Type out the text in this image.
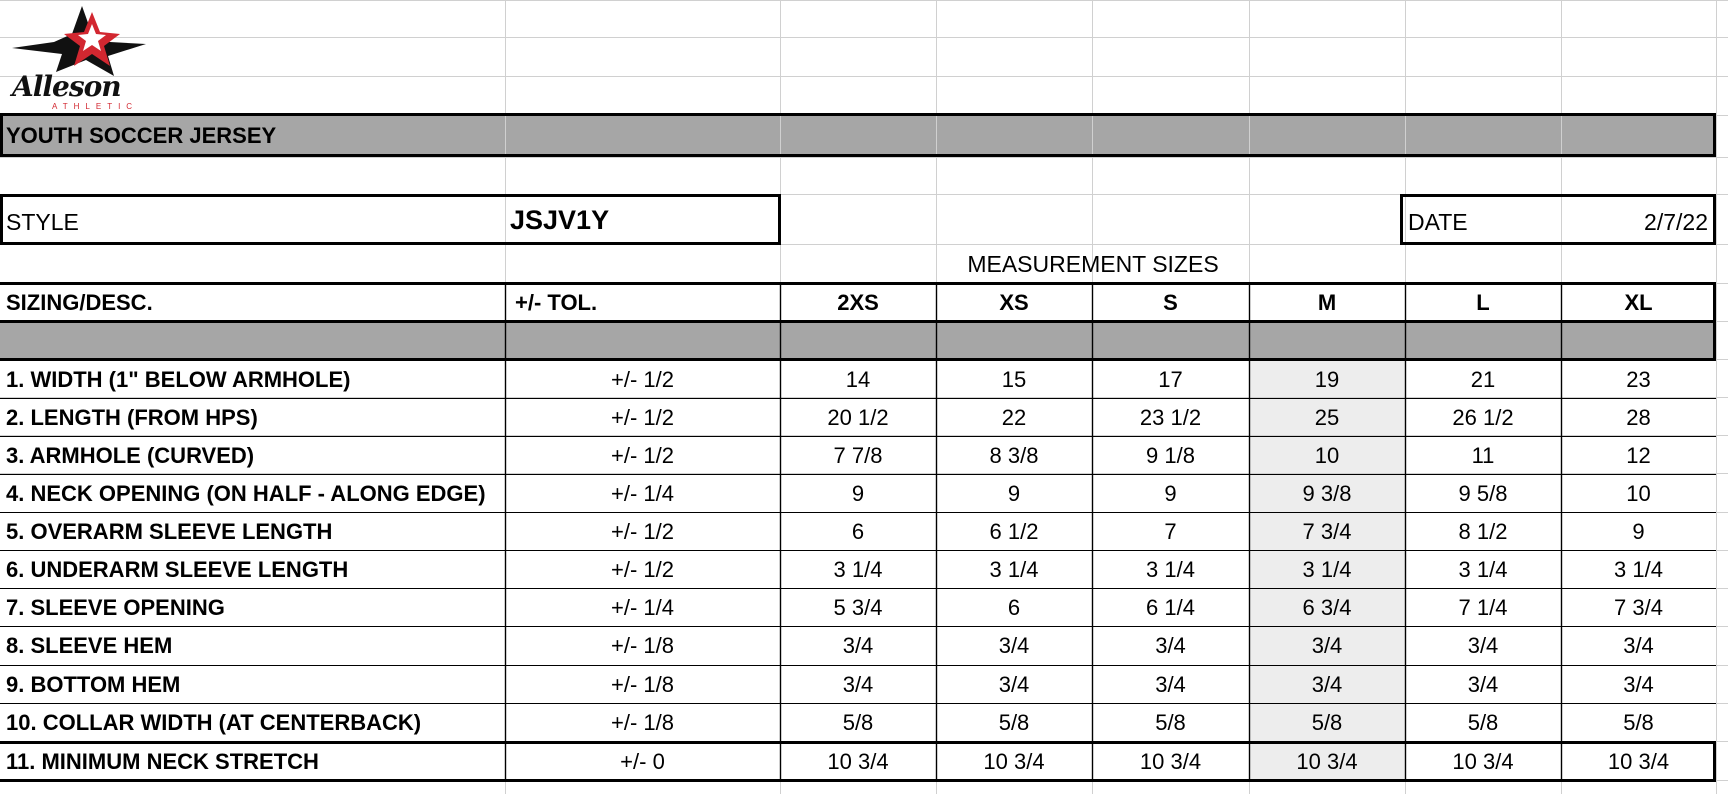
Alleson
ATHLETIC
YOUTH SOCCER JERSEY
STYLE	JSJV1Y	DATE	2/7/22
MEASUREMENT SIZES
SIZING/DESC.	+/- TOL.	2XS	XS	S	M	L	XL
1. WIDTH (1" BELOW ARMHOLE)	+/- 1/2	14	15	17	19	21	23
2. LENGTH (FROM HPS)	+/- 1/2	20 1/2	22	23 1/2	25	26 1/2	28
3. ARMHOLE (CURVED)	+/- 1/2	7 7/8	8 3/8	9 1/8	10	11	12
4. NECK OPENING (ON HALF - ALONG EDGE)	+/- 1/4	9	9	9	9 3/8	9 5/8	10
5. OVERARM SLEEVE LENGTH	+/- 1/2	6	6 1/2	7	7 3/4	8 1/2	9
6. UNDERARM SLEEVE LENGTH	+/- 1/2	3 1/4	3 1/4	3 1/4	3 1/4	3 1/4	3 1/4
7. SLEEVE OPENING	+/- 1/4	5 3/4	6	6 1/4	6 3/4	7 1/4	7 3/4
8. SLEEVE HEM	+/- 1/8	3/4	3/4	3/4	3/4	3/4	3/4
9. BOTTOM HEM	+/- 1/8	3/4	3/4	3/4	3/4	3/4	3/4
10. COLLAR WIDTH (AT CENTERBACK)	+/- 1/8	5/8	5/8	5/8	5/8	5/8	5/8
11. MINIMUM NECK STRETCH	+/- 0	10 3/4	10 3/4	10 3/4	10 3/4	10 3/4	10 3/4
